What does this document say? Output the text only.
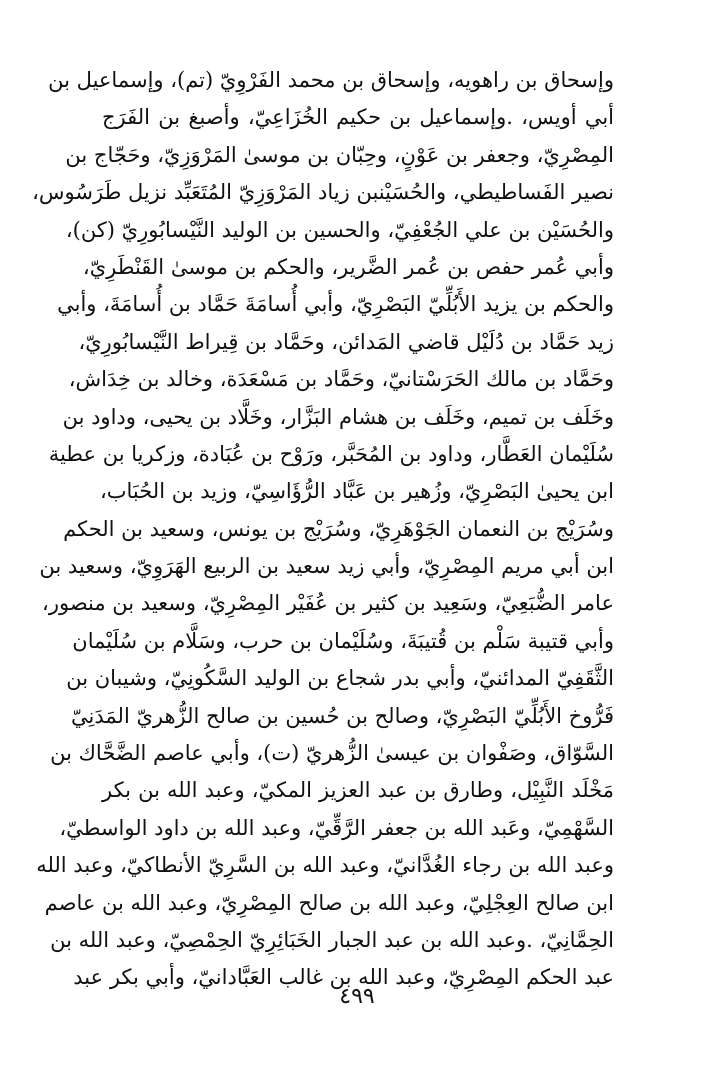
وإسحاق بن راهويه، وإسحاق بن محمد الفَرْوِيّ (تم)، وإسماعيل بن
أبي أويس، .وإسماعيل بن حكيم الخُزَاعِيّ، وأصبغ بن الفَرَج
المِصْرِيّ، وجعفر بن عَوْنٍ، وحِبّان بن موسىٰ المَرْوَزِيّ، وحَجّاج بن
نصير الفَساطيطي، والحُسَيْنبن زياد المَرْوَزِيّ المُتَعَبِّد نزيل طَرَسُوس،
والحُسَيْن بن علي الجُعْفِيّ، والحسين بن الوليد النَّيْسابُورِيّ (كن)،
وأبي عُمر حفص بن عُمر الضَّرير، والحكم بن موسىٰ القَنْطَرِيّ،
والحكم بن يزيد الأَبُلِّيّ البَصْرِيّ، وأبي أُسامَةَ حَمَّاد بن أُسامَةَ، وأبي
زيد حَمَّاد بن دُلَيْل قاضي المَدائن، وحَمَّاد بن قِيراط النَّيْسابُورِيّ،
وحَمَّاد بن مالك الحَرَسْتانيّ، وحَمَّاد بن مَسْعَدَة، وخالد بن خِدَاش،
وخَلَف بن تميم، وخَلَف بن هشام البَزَّار، وخَلَّاد بن يحيى، وداود بن
سُلَيْمان العَطَّار، وداود بن المُحَبَّر، ورَوْح بن عُبَادة، وزكريا بن عطية
ابن يحيىٰ البَصْرِيّ، وزُهير بن عَبَّاد الرُّؤَاسِيّ، وزيد بن الحُبَاب،
وسُرَيْج بن النعمان الجَوْهَرِيّ، وسُرَيْج بن يونس، وسعيد بن الحكم
ابن أبي مريم المِصْرِيّ، وأبي زيد سعيد بن الربيع الهَرَوِيّ، وسعيد بن
عامر الضُّبَعِيّ، وسَعِيد بن كثير بن عُفَيْر المِصْرِيّ، وسعيد بن منصور،
وأبي قتيبة سَلْم بن قُتيبَةَ، وسُلَيْمان بن حرب، وسَلَّام بن سُلَيْمان
الثَّقَفِيّ المدائنيّ، وأبي بدر شجاع بن الوليد السَّكُونِيّ، وشيبان بن
فَرُّوخ الأَبُلِّيّ البَصْرِيّ، وصالح بن حُسين بن صالح الزُّهريّ المَدَنِيّ
السَّوّاق، وصَفْوان بن عيسىٰ الزُّهريّ (ت)، وأبي عاصم الضَّحَّاك بن
مَخْلَد النَّبِيْل، وطارق بن عبد العزيز المكيّ، وعبد الله بن بكر
السَّهْمِيّ، وعَبد الله بن جعفر الرَّقِّيّ، وعبد الله بن داود الواسطيّ،
وعبد الله بن رجاء الغُدَّانيّ، وعبد الله بن السَّرِيّ الأنطاكيّ، وعبد الله
ابن صالح العِجْلِيّ، وعبد الله بن صالح المِصْرِيّ، وعبد الله بن عاصم
الحِمَّانِيّ، .وعبد الله بن عبد الجبار الخَبَائِرِيّ الحِمْصِيّ، وعبد الله بن
عبد الحكم المِصْرِيّ، وعبد الله بن غالب العَبَّادانيّ، وأبي بكر عبد
٤٩٩
